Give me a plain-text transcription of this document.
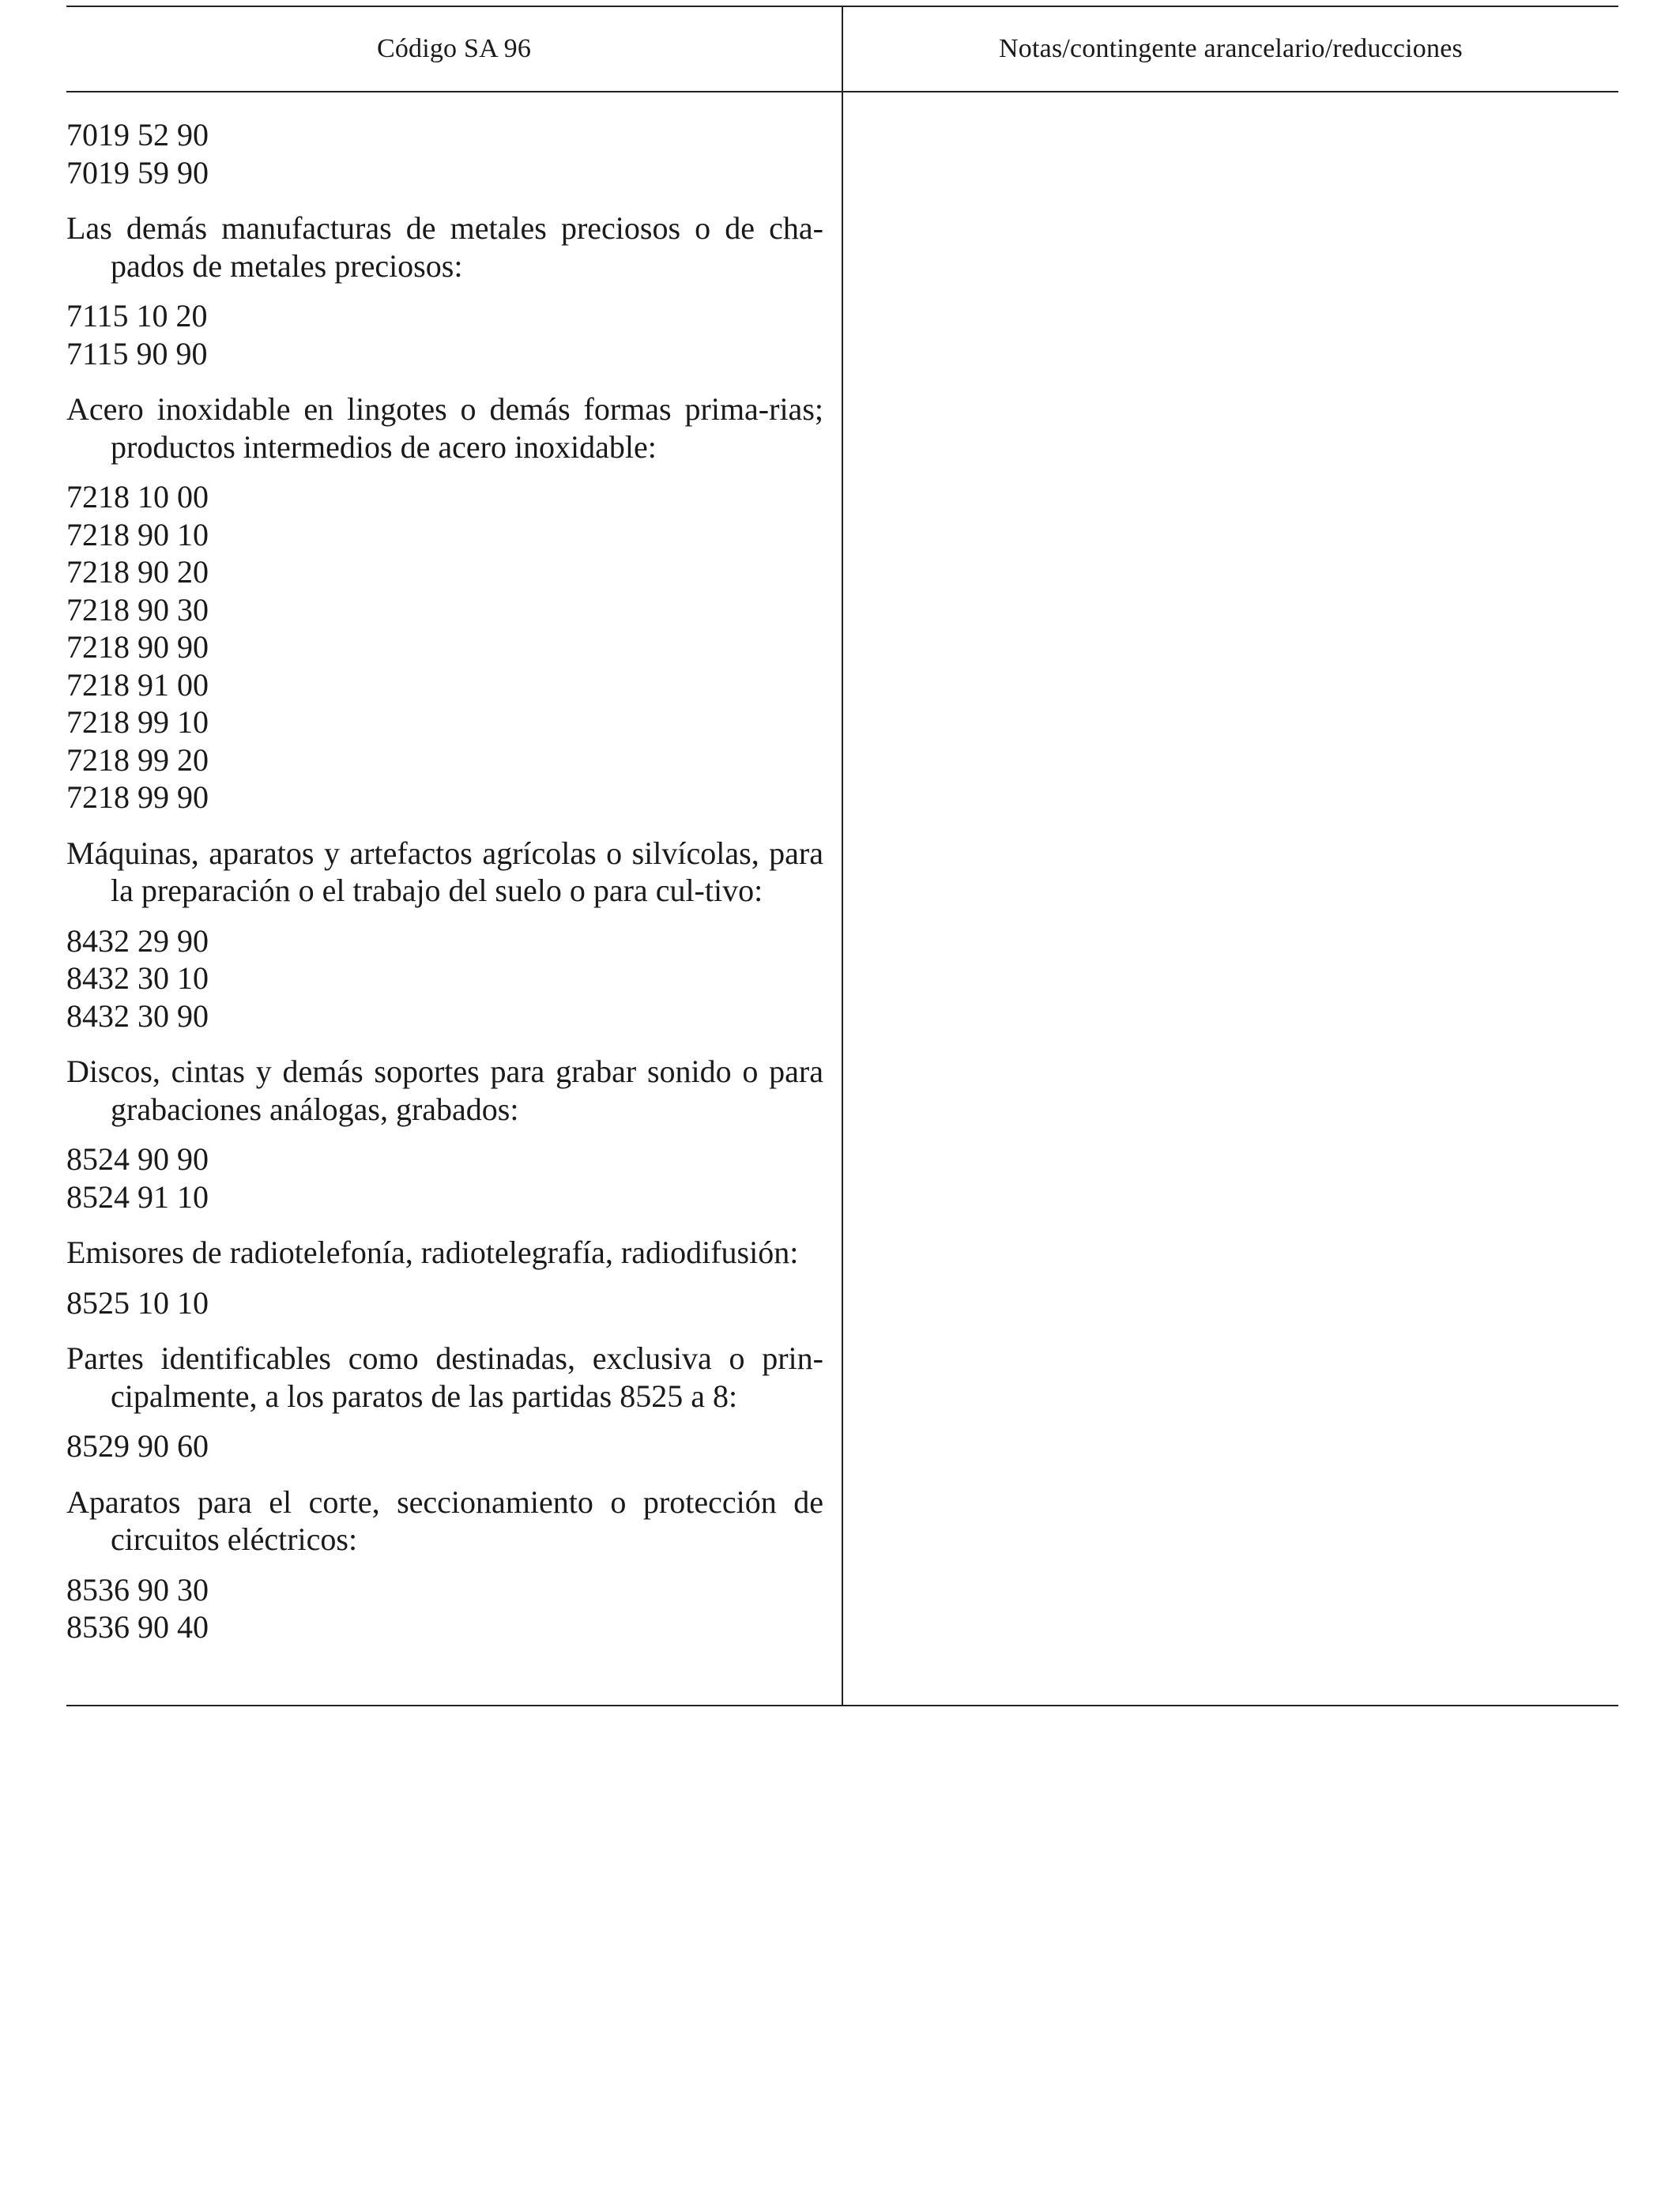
Código SA 96	Notas/contingente arancelario/reducciones
7019 52 90
7019 59 90
Las demás manufacturas de metales preciosos o de cha-pados de metales preciosos:
7115 10 20
7115 90 90
Acero inoxidable en lingotes o demás formas prima-rias; productos intermedios de acero inoxidable:
7218 10 00
7218 90 10
7218 90 20
7218 90 30
7218 90 90
7218 91 00
7218 99 10
7218 99 20
7218 99 90
Máquinas, aparatos y artefactos agrícolas o silvícolas, para la preparación o el trabajo del suelo o para cul-tivo:
8432 29 90
8432 30 10
8432 30 90
Discos, cintas y demás soportes para grabar sonido o para grabaciones análogas, grabados:
8524 90 90
8524 91 10
Emisores de radiotelefonía, radiotelegrafía, radiodifusión:
8525 10 10
Partes identificables como destinadas, exclusiva o prin-cipalmente, a los paratos de las partidas 8525 a 8:
8529 90 60
Aparatos para el corte, seccionamiento o protección de circuitos eléctricos:
8536 90 30
8536 90 40
